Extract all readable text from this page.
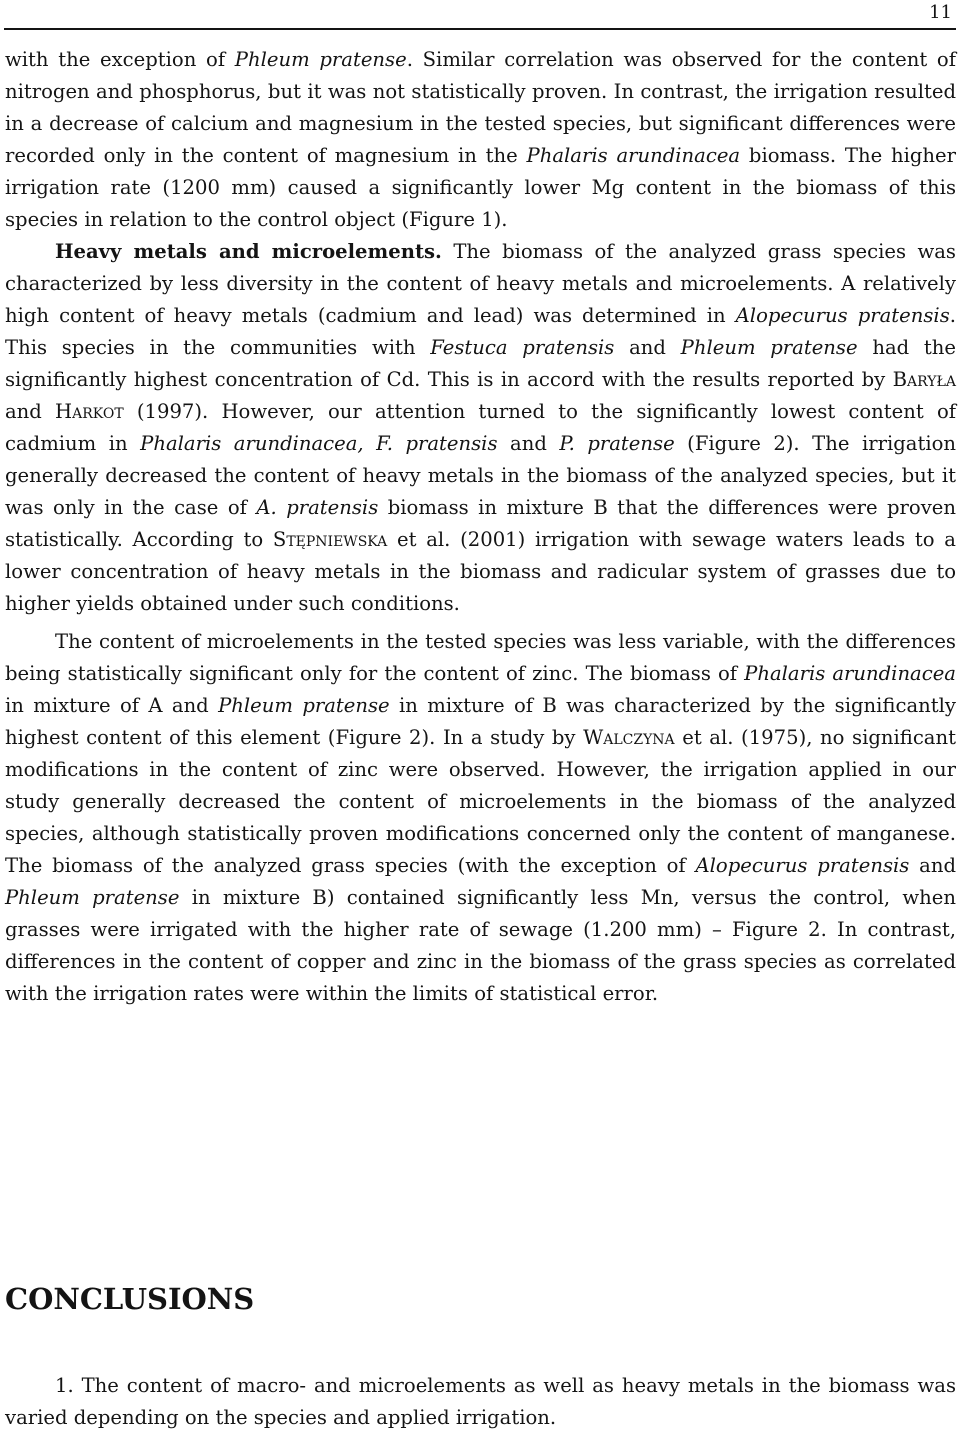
11

with the exception of Phleum pratense. Similar correlation was observed for the content of nitrogen and phosphorus, but it was not statistically proven. In contrast, the irrigation resulted in a decrease of calcium and magnesium in the tested species, but significant differences were recorded only in the content of magnesium in the Phalaris arundinacea biomass. The higher irrigation rate (1200 mm) caused a significantly lower Mg content in the biomass of this species in relation to the control object (Figure 1).

Heavy metals and microelements. The biomass of the analyzed grass species was characterized by less diversity in the content of heavy metals and microelements. A relatively high content of heavy metals (cadmium and lead) was determined in Alopecurus pratensis. This species in the communities with Festuca pratensis and Phleum pratense had the significantly highest concentration of Cd. This is in accord with the results reported by Baryła and Harkot (1997). However, our attention turned to the significantly lowest content of cadmium in Phalaris arundinacea, F. pratensis and P. pratense (Figure 2). The irrigation generally decreased the content of heavy metals in the biomass of the analyzed species, but it was only in the case of A. pratensis biomass in mixture B that the differences were proven statistically. According to Stępniewska et al. (2001) irrigation with sewage waters leads to a lower concentration of heavy metals in the biomass and radicular system of grasses due to higher yields obtained under such conditions.

The content of microelements in the tested species was less variable, with the differences being statistically significant only for the content of zinc. The biomass of Phalaris arundinacea in mixture of A and Phleum pratense in mixture of B was characterized by the significantly highest content of this element (Figure 2). In a study by Walczyna et al. (1975), no significant modifications in the content of zinc were observed. However, the irrigation applied in our study generally decreased the content of microelements in the biomass of the analyzed species, although statistically proven modifications concerned only the content of manganese. The biomass of the analyzed grass species (with the exception of Alopecurus pratensis and Phleum pratense in mixture B) contained significantly less Mn, versus the control, when grasses were irrigated with the higher rate of sewage (1.200 mm) – Figure 2. In contrast, differences in the content of copper and zinc in the biomass of the grass species as correlated with the irrigation rates were within the limits of statistical error.

CONCLUSIONS

1. The content of macro- and microelements as well as heavy metals in the biomass was varied depending on the species and applied irrigation.
